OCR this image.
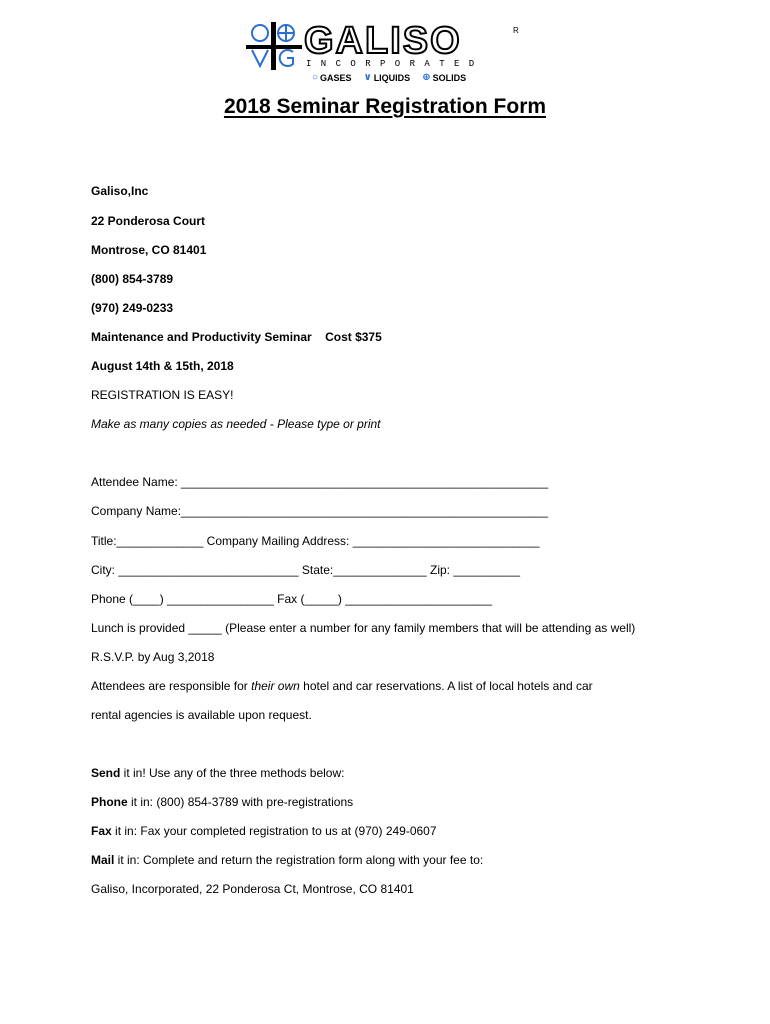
GALISO	R
INCORPORATED
○ GASES ∨ LIQUIDS ⊕ SOLIDS
2018 Seminar Registration Form
Galiso,Inc
22 Ponderosa Court
Montrose, CO 81401
(800) 854-3789
(970) 249-0233
Maintenance and Productivity Seminar Cost $375
August 14th & 15th, 2018
REGISTRATION IS EASY!
Make as many copies as needed - Please type or print
Attendee Name: _______________________________________________________
Company Name:_______________________________________________________
Title:_____________ Company Mailing Address: ____________________________
City: ___________________________ State:______________ Zip: __________
Phone (____) ________________ Fax (_____) ______________________
Lunch is provided _____ (Please enter a number for any family members that will be attending as well)
R.S.V.P. by Aug 3,2018
Attendees are responsible for their own hotel and car reservations. A list of local hotels and car
rental agencies is available upon request.
Send it in! Use any of the three methods below:
Phone it in: (800) 854-3789 with pre-registrations
Fax it in: Fax your completed registration to us at (970) 249-0607
Mail it in: Complete and return the registration form along with your fee to:
Galiso, Incorporated, 22 Ponderosa Ct, Montrose, CO 81401
